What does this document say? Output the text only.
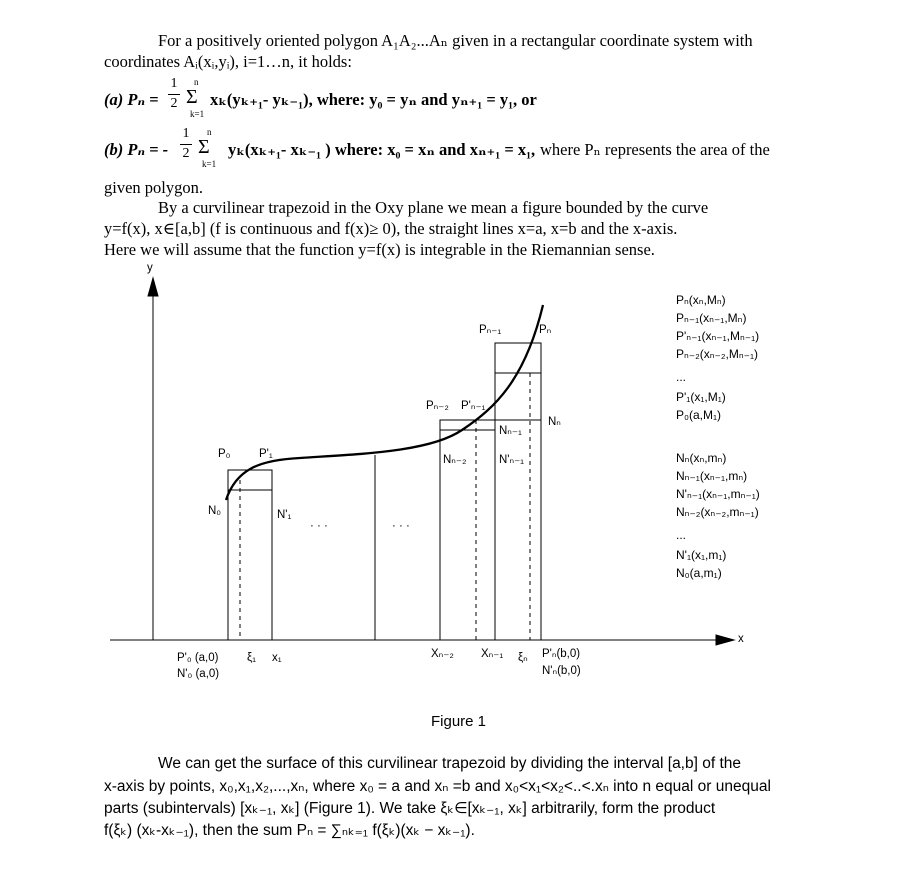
For a positively oriented polygon A₁A₂...Aₙ given in a rectangular coordinate system with
coordinates Aᵢ(xᵢ,yᵢ), i=1…n, it holds:
(a) Pₙ =
1
2
n
Σ
k=1
xₖ(yₖ₊₁- yₖ₋₁), where: y₀ = yₙ and yₙ₊₁ = y₁, or
(b) Pₙ = -
1
2
n
Σ
k=1
yₖ(xₖ₊₁- xₖ₋₁ ) where: x₀ = xₙ and xₙ₊₁ = x₁, where Pₙ represents the area of the
given polygon.
By a curvilinear trapezoid in the Oxy plane we mean a figure bounded by the curve
y=f(x), x∈[a,b] (f is continuous and f(x)≥ 0), the straight lines x=a, x=b and the x-axis.
Here we will assume that the function y=f(x) is integrable in the Riemannian sense.
y
x
P₀ P'₁
N₀	N'₁
· · ·	· · ·
Pₙ₋₂ P'ₙ₋₁
Pₙ₋₁	Pₙ
Nₙ₋₂
Nₙ₋₁
N'ₙ₋₁
Nₙ
P'₀ (a,0) ξ₁ x₁
N'₀ (a,0)
Xₙ₋₂ Xₙ₋₁ ξₙ P'ₙ(b,0)
N'ₙ(b,0)
Pₙ(xₙ,Mₙ)
Pₙ₋₁(xₙ₋₁,Mₙ)
P'ₙ₋₁(xₙ₋₁,Mₙ₋₁)
Pₙ₋₂(xₙ₋₂,Mₙ₋₁)
...
P'₁(x₁,M₁)
P₀(a,M₁)
Nₙ(xₙ,mₙ)
Nₙ₋₁(xₙ₋₁,mₙ)
N'ₙ₋₁(xₙ₋₁,mₙ₋₁)
Nₙ₋₂(xₙ₋₂,mₙ₋₁)
...
N'₁(x₁,m₁)
N₀(a,m₁)
Figure 1
We can get the surface of this curvilinear trapezoid by dividing the interval [a,b] of the
x-axis by points, x₀,x₁,x₂,...,xₙ, where x₀ = a and xₙ =b and x₀<x₁<x₂<..<.xₙ into n equal or unequal
parts (subintervals) [xₖ₋₁, xₖ] (Figure 1). We take ξₖ∈[xₖ₋₁, xₖ] arbitrarily, form the product
f(ξₖ) (xₖ-xₖ₋₁), then the sum Pₙ = ∑ₙₖ₌₁ f(ξₖ)(xₖ − xₖ₋₁).
